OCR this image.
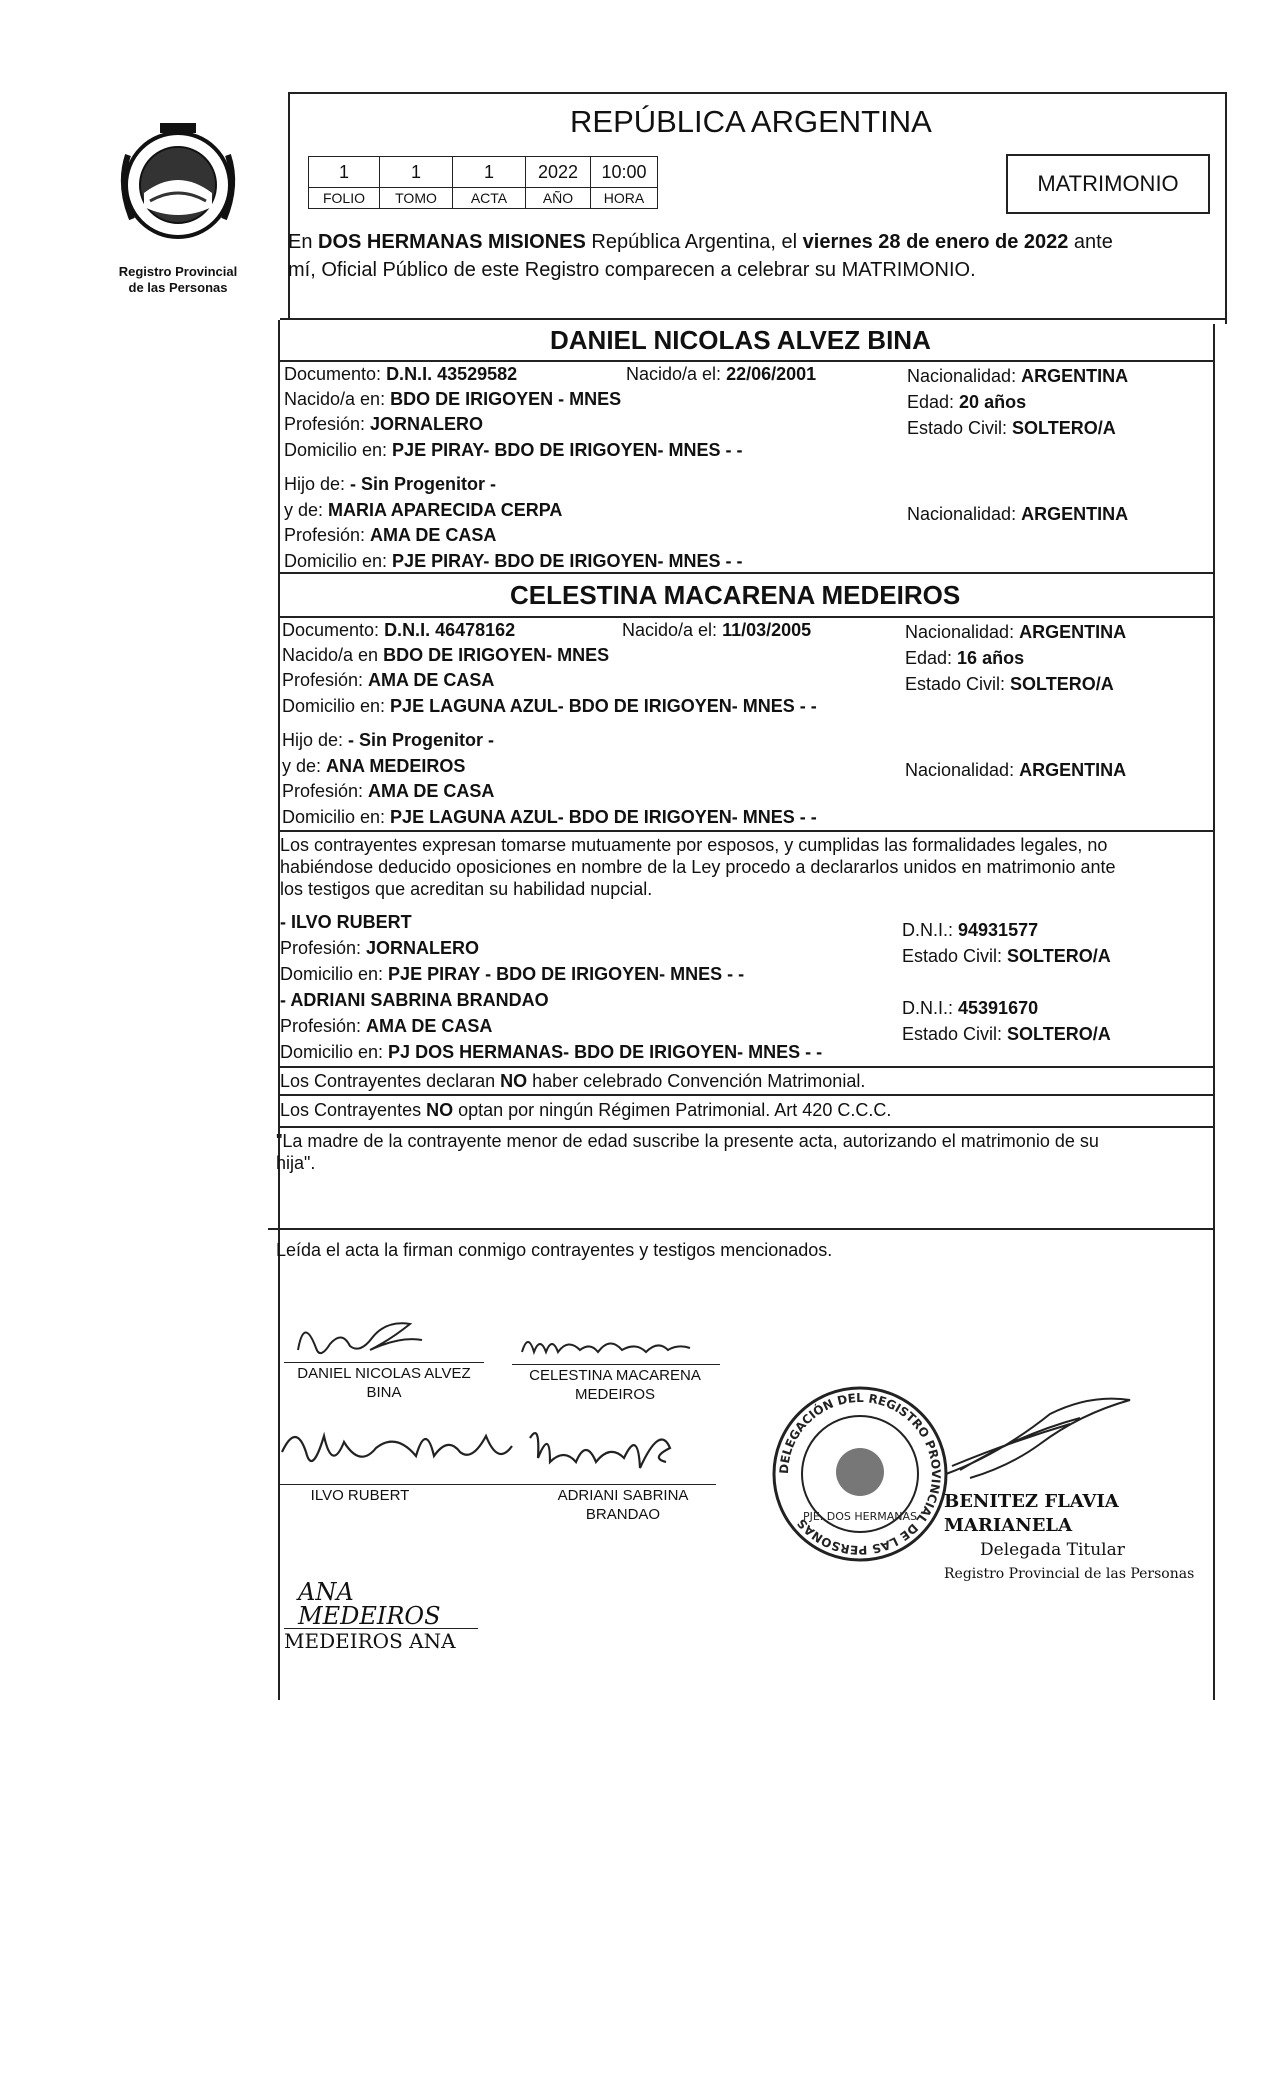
Registro Provincial
de las Personas
REPÚBLICA ARGENTINA
1	1	1	2022	10:00
FOLIO	TOMO	ACTA	AÑO	HORA
MATRIMONIO
En DOS HERMANAS MISIONES República Argentina, el viernes 28 de enero de 2022 ante
mí, Oficial Público de este Registro comparecen a celebrar su MATRIMONIO.
DANIEL NICOLAS ALVEZ BINA
Documento: D.N.I. 43529582	Nacido/a el: 22/06/2001	Nacionalidad: ARGENTINA
Nacido/a en: BDO DE IRIGOYEN - MNES	Edad: 20 años
Profesión: JORNALERO	Estado Civil: SOLTERO/A
Domicilio en: PJE PIRAY- BDO DE IRIGOYEN- MNES - -
Hijo de: - Sin Progenitor -
y de: MARIA APARECIDA CERPA	Nacionalidad: ARGENTINA
Profesión: AMA DE CASA
Domicilio en: PJE PIRAY- BDO DE IRIGOYEN- MNES - -
CELESTINA MACARENA MEDEIROS
Documento: D.N.I. 46478162	Nacido/a el: 11/03/2005	Nacionalidad: ARGENTINA
Nacido/a en BDO DE IRIGOYEN- MNES	Edad: 16 años
Profesión: AMA DE CASA	Estado Civil: SOLTERO/A
Domicilio en: PJE LAGUNA AZUL- BDO DE IRIGOYEN- MNES - -
Hijo de: - Sin Progenitor -
y de: ANA MEDEIROS	Nacionalidad: ARGENTINA
Profesión: AMA DE CASA
Domicilio en: PJE LAGUNA AZUL- BDO DE IRIGOYEN- MNES - -
Los contrayentes expresan tomarse mutuamente por esposos, y cumplidas las formalidades legales, no
habiéndose deducido oposiciones en nombre de la Ley procedo a declararlos unidos en matrimonio ante
los testigos que acreditan su habilidad nupcial.
- ILVO RUBERT	D.N.I.: 94931577
Profesión: JORNALERO	Estado Civil: SOLTERO/A
Domicilio en: PJE PIRAY - BDO DE IRIGOYEN- MNES - -
- ADRIANI SABRINA BRANDAO	D.N.I.: 45391670
Profesión: AMA DE CASA	Estado Civil: SOLTERO/A
Domicilio en: PJ DOS HERMANAS- BDO DE IRIGOYEN- MNES - -
Los Contrayentes declaran NO haber celebrado Convención Matrimonial.
Los Contrayentes NO optan por ningún Régimen Patrimonial. Art 420 C.C.C.
"La madre de la contrayente menor de edad suscribe la presente acta, autorizando el matrimonio de su
hija".
Leída el acta la firman conmigo contrayentes y testigos mencionados.
DANIEL NICOLAS ALVEZ
BINA
CELESTINA MACARENA
MEDEIROS
ILVO RUBERT	ADRIANI SABRINA
BRANDAO
ANA MEDEIROS
MEDEIROS ANA
DELEGACIÓN DEL REGISTRO PROVINCIAL DE LAS PERSONAS
PJE. DOS HERMANAS
BENITEZ FLAVIA MARIANELA
Delegada Titular
Registro Provincial de las Personas
